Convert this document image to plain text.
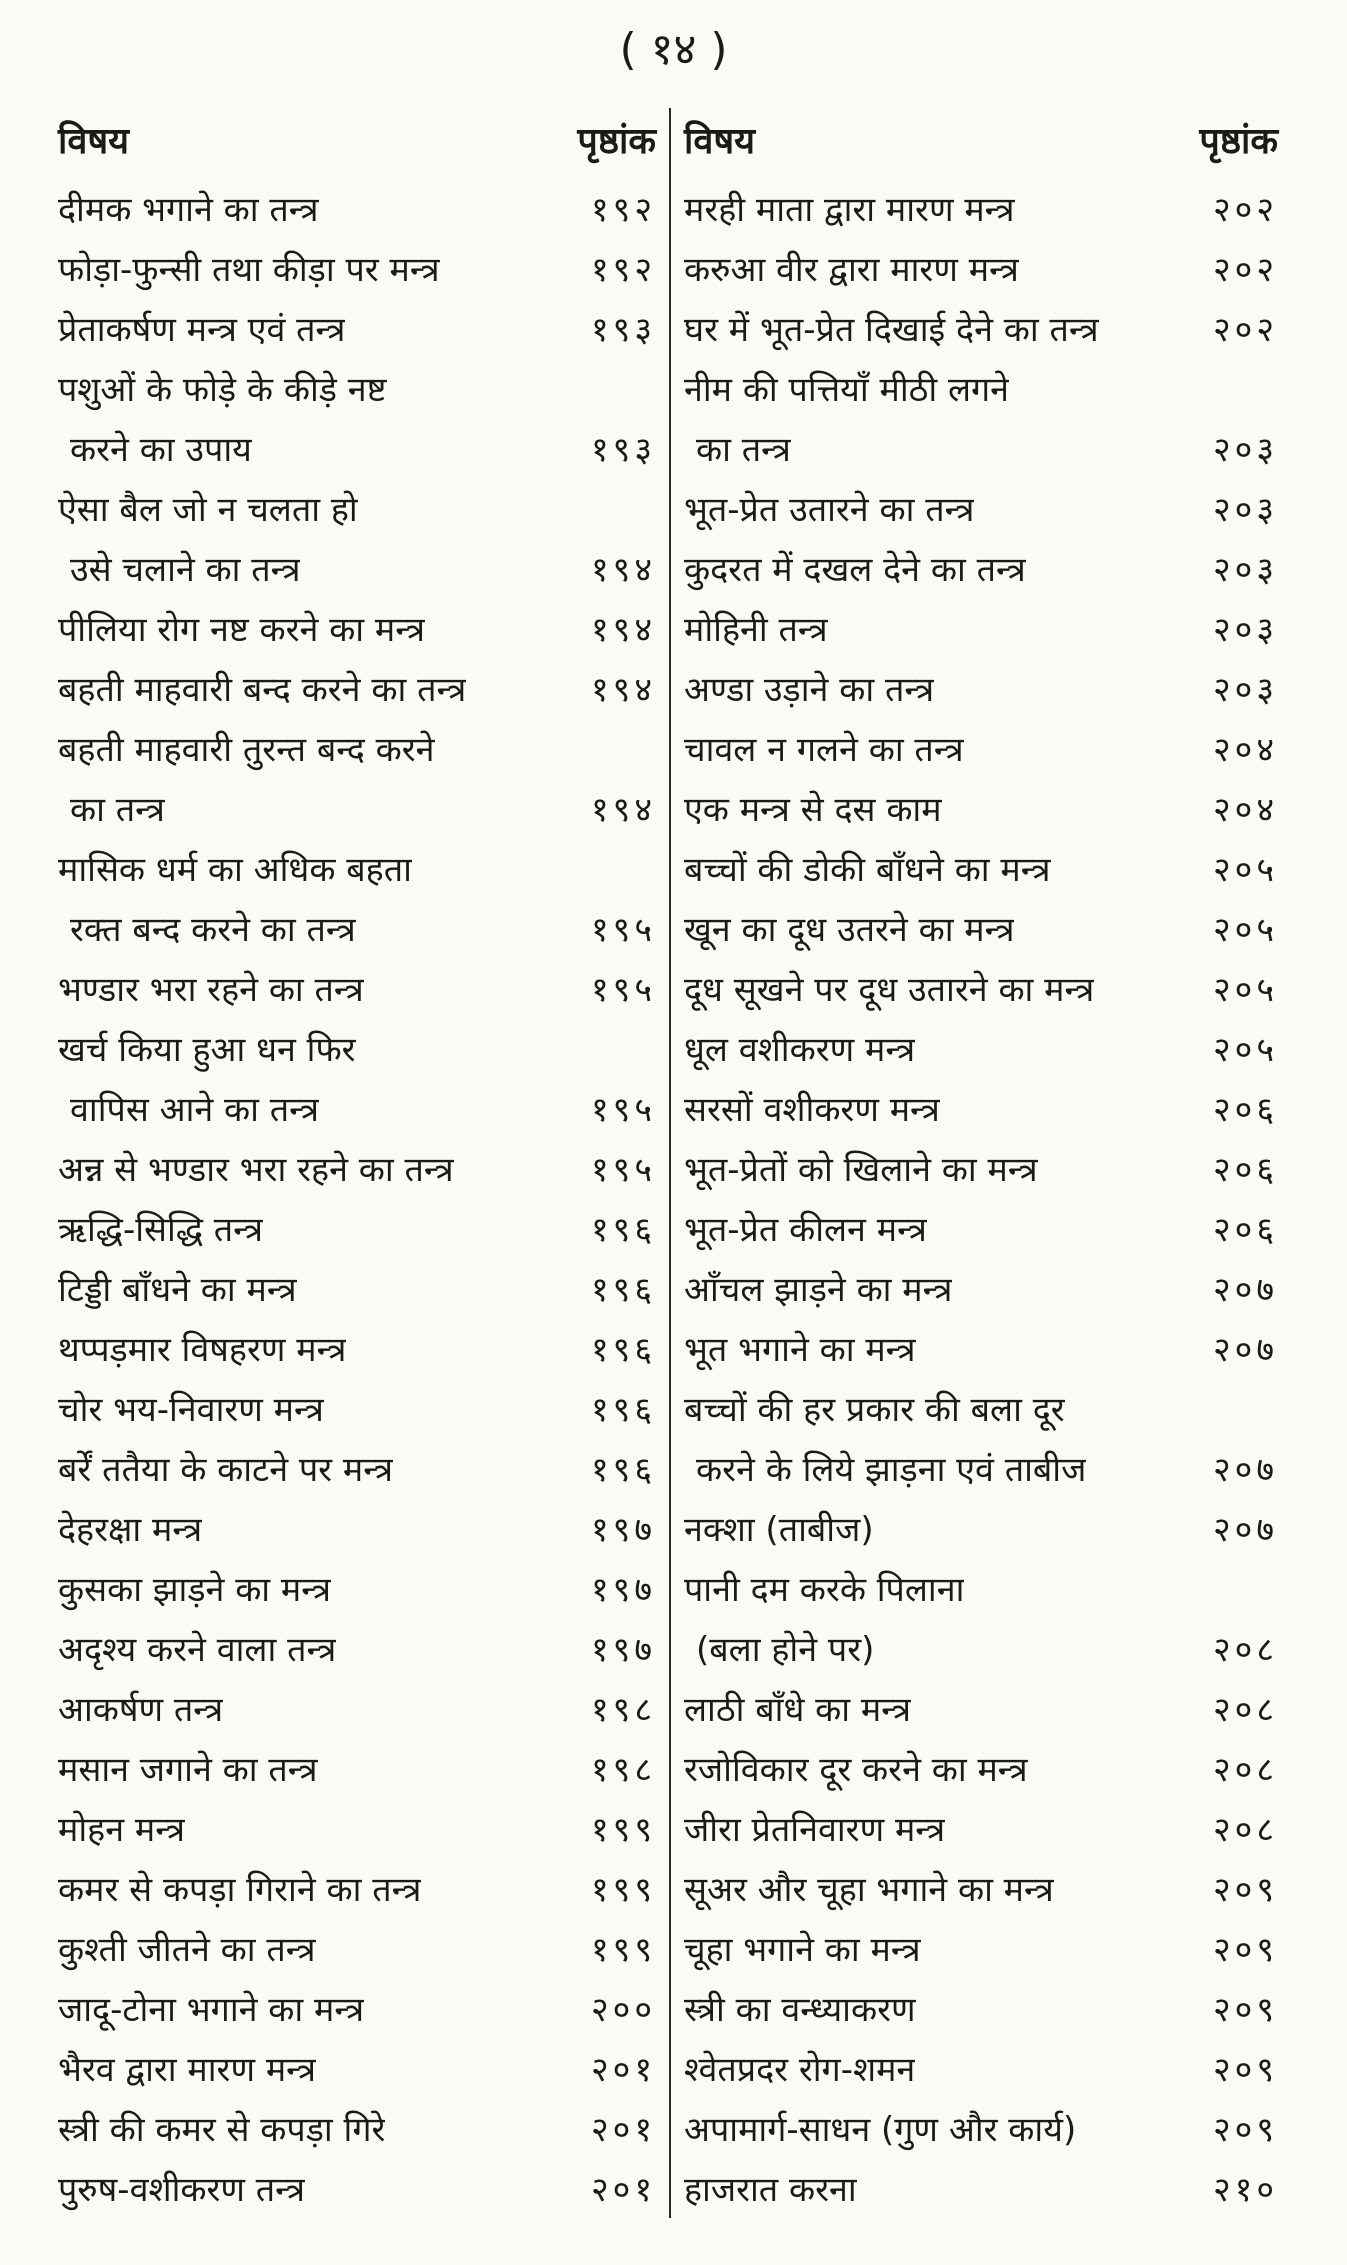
( १४ )
विषय	पृष्ठांक
दीमक भगाने का तन्त्र	१९२
फोड़ा-फुन्सी तथा कीड़ा पर मन्त्र	१९२
प्रेताकर्षण मन्त्र एवं तन्त्र	१९३
पशुओं के फोड़े के कीड़े नष्ट
करने का उपाय	१९३
ऐसा बैल जो न चलता हो
उसे चलाने का तन्त्र	१९४
पीलिया रोग नष्ट करने का मन्त्र	१९४
बहती माहवारी बन्द करने का तन्त्र	१९४
बहती माहवारी तुरन्त बन्द करने
का तन्त्र	१९४
मासिक धर्म का अधिक बहता
रक्त बन्द करने का तन्त्र	१९५
भण्डार भरा रहने का तन्त्र	१९५
खर्च किया हुआ धन फिर
वापिस आने का तन्त्र	१९५
अन्न से भण्डार भरा रहने का तन्त्र	१९५
ऋद्धि-सिद्धि तन्त्र	१९६
टिड्डी बाँधने का मन्त्र	१९६
थप्पड़मार विषहरण मन्त्र	१९६
चोर भय-निवारण मन्त्र	१९६
बर्रें ततैया के काटने पर मन्त्र	१९६
देहरक्षा मन्त्र	१९७
कुसका झाड़ने का मन्त्र	१९७
अदृश्य करने वाला तन्त्र	१९७
आकर्षण तन्त्र	१९८
मसान जगाने का तन्त्र	१९८
मोहन मन्त्र	१९९
कमर से कपड़ा गिराने का तन्त्र	१९९
कुश्ती जीतने का तन्त्र	१९९
जादू-टोना भगाने का मन्त्र	२००
भैरव द्वारा मारण मन्त्र	२०१
स्त्री की कमर से कपड़ा गिरे	२०१
पुरुष-वशीकरण तन्त्र	२०१
विषय	पृष्ठांक
मरही माता द्वारा मारण मन्त्र	२०२
करुआ वीर द्वारा मारण मन्त्र	२०२
घर में भूत-प्रेत दिखाई देने का तन्त्र	२०२
नीम की पत्तियाँ मीठी लगने
का तन्त्र	२०३
भूत-प्रेत उतारने का तन्त्र	२०३
कुदरत में दखल देने का तन्त्र	२०३
मोहिनी तन्त्र	२०३
अण्डा उड़ाने का तन्त्र	२०३
चावल न गलने का तन्त्र	२०४
एक मन्त्र से दस काम	२०४
बच्चों की डोकी बाँधने का मन्त्र	२०५
खून का दूध उतरने का मन्त्र	२०५
दूध सूखने पर दूध उतारने का मन्त्र	२०५
धूल वशीकरण मन्त्र	२०५
सरसों वशीकरण मन्त्र	२०६
भूत-प्रेतों को खिलाने का मन्त्र	२०६
भूत-प्रेत कीलन मन्त्र	२०६
आँचल झाड़ने का मन्त्र	२०७
भूत भगाने का मन्त्र	२०७
बच्चों की हर प्रकार की बला दूर
करने के लिये झाड़ना एवं ताबीज	२०७
नक्शा (ताबीज)	२०७
पानी दम करके पिलाना
(बला होने पर)	२०८
लाठी बाँधे का मन्त्र	२०८
रजोविकार दूर करने का मन्त्र	२०८
जीरा प्रेतनिवारण मन्त्र	२०८
सूअर और चूहा भगाने का मन्त्र	२०९
चूहा भगाने का मन्त्र	२०९
स्त्री का वन्ध्याकरण	२०९
श्वेतप्रदर रोग-शमन	२०९
अपामार्ग-साधन (गुण और कार्य)	२०९
हाजरात करना	२१०
